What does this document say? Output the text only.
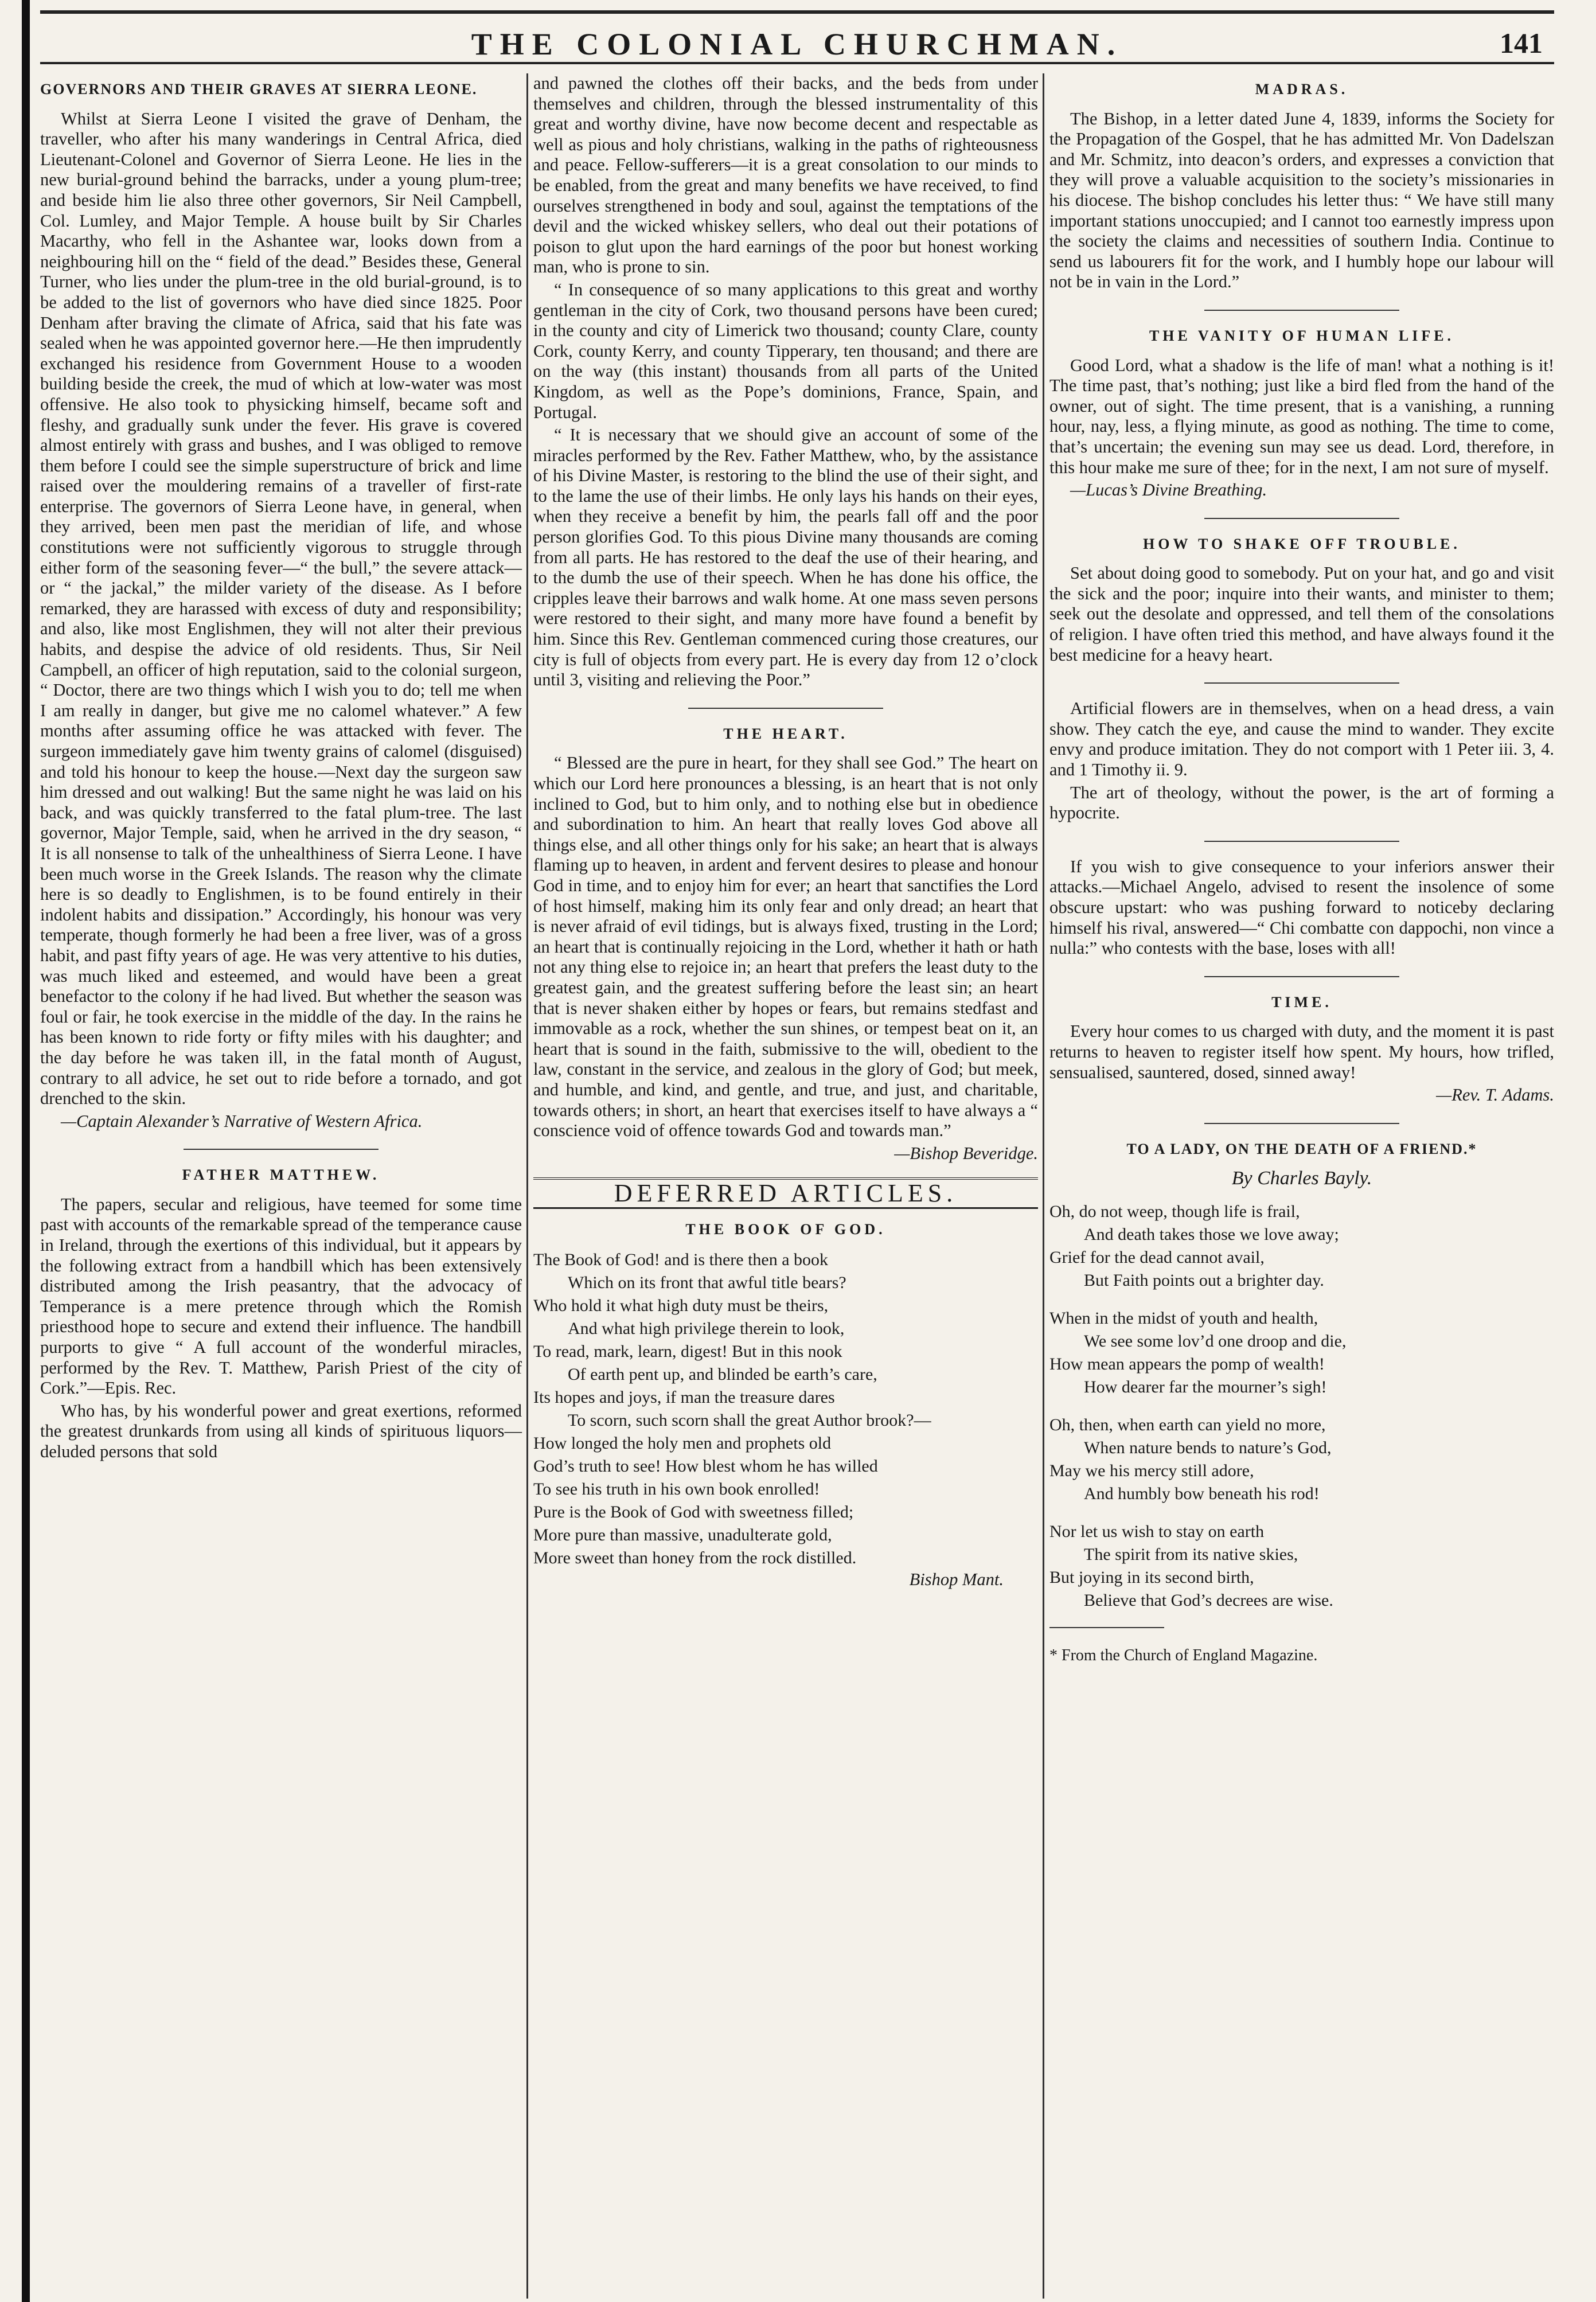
THE COLONIAL CHURCHMAN.	141
GOVERNORS AND THEIR GRAVES AT SIERRA LEONE.

Whilst at Sierra Leone I visited the grave of Denham, the traveller, who after his many wanderings in Central Africa, died Lieutenant-Colonel and Governor of Sierra Leone. He lies in the new burial-ground behind the barracks, under a young plum-tree; and beside him lie also three other governors, Sir Neil Campbell, Col. Lumley, and Major Temple. A house built by Sir Charles Macarthy, who fell in the Ashantee war, looks down from a neighbouring hill on the “ field of the dead.” Besides these, General Turner, who lies under the plum-tree in the old burial-ground, is to be added to the list of governors who have died since 1825. Poor Denham after braving the climate of Africa, said that his fate was sealed when he was appointed governor here.—He then imprudently exchanged his residence from Government House to a wooden building beside the creek, the mud of which at low-water was most offensive. He also took to physicking himself, became soft and fleshy, and gradually sunk under the fever. His grave is covered almost entirely with grass and bushes, and I was obliged to remove them before I could see the simple superstructure of brick and lime raised over the mouldering remains of a traveller of first-rate enterprise. The governors of Sierra Leone have, in general, when they arrived, been men past the meridian of life, and whose constitutions were not sufficiently vigorous to struggle through either form of the seasoning fever—“ the bull,” the severe attack—or “ the jackal,” the milder variety of the disease. As I before remarked, they are harassed with excess of duty and responsibility; and also, like most Englishmen, they will not alter their previous habits, and despise the advice of old residents. Thus, Sir Neil Campbell, an officer of high reputation, said to the colonial surgeon, “ Doctor, there are two things which I wish you to do; tell me when I am really in danger, but give me no calomel whatever.” A few months after assuming office he was attacked with fever. The surgeon immediately gave him twenty grains of calomel (disguised) and told his honour to keep the house.—Next day the surgeon saw him dressed and out walking! But the same night he was laid on his back, and was quickly transferred to the fatal plum-tree. The last governor, Major Temple, said, when he arrived in the dry season, “ It is all nonsense to talk of the unhealthiness of Sierra Leone. I have been much worse in the Greek Islands. The reason why the climate here is so deadly to Englishmen, is to be found entirely in their indolent habits and dissipation.” Accordingly, his honour was very temperate, though formerly he had been a free liver, was of a gross habit, and past fifty years of age. He was very attentive to his duties, was much liked and esteemed, and would have been a great benefactor to the colony if he had lived. But whether the season was foul or fair, he took exercise in the middle of the day. In the rains he has been known to ride forty or fifty miles with his daughter; and the day before he was taken ill, in the fatal month of August, contrary to all advice, he set out to ride before a tornado, and got drenched to the skin.

—Captain Alexander’s Narrative of Western Africa.

FATHER MATTHEW.

The papers, secular and religious, have teemed for some time past with accounts of the remarkable spread of the temperance cause in Ireland, through the exertions of this individual, but it appears by the following extract from a handbill which has been extensively distributed among the Irish peasantry, that the advocacy of Temperance is a mere pretence through which the Romish priesthood hope to secure and extend their influence. The handbill purports to give “ A full account of the wonderful miracles, performed by the Rev. T. Matthew, Parish Priest of the city of Cork.”—Epis. Rec.

Who has, by his wonderful power and great exertions, reformed the greatest drunkards from using all kinds of spirituous liquors—deluded persons that sold

and pawned the clothes off their backs, and the beds from under themselves and children, through the blessed instrumentality of this great and worthy divine, have now become decent and respectable as well as pious and holy christians, walking in the paths of righteousness and peace. Fellow-sufferers—it is a great consolation to our minds to be enabled, from the great and many benefits we have received, to find ourselves strengthened in body and soul, against the temptations of the devil and the wicked whiskey sellers, who deal out their potations of poison to glut upon the hard earnings of the poor but honest working man, who is prone to sin.

“ In consequence of so many applications to this great and worthy gentleman in the city of Cork, two thousand persons have been cured; in the county and city of Limerick two thousand; county Clare, county Cork, county Kerry, and county Tipperary, ten thousand; and there are on the way (this instant) thousands from all parts of the United Kingdom, as well as the Pope’s dominions, France, Spain, and Portugal.

“ It is necessary that we should give an account of some of the miracles performed by the Rev. Father Matthew, who, by the assistance of his Divine Master, is restoring to the blind the use of their sight, and to the lame the use of their limbs. He only lays his hands on their eyes, when they receive a benefit by him, the pearls fall off and the poor person glorifies God. To this pious Divine many thousands are coming from all parts. He has restored to the deaf the use of their hearing, and to the dumb the use of their speech. When he has done his office, the cripples leave their barrows and walk home. At one mass seven persons were restored to their sight, and many more have found a benefit by him. Since this Rev. Gentleman commenced curing those creatures, our city is full of objects from every part. He is every day from 12 o’clock until 3, visiting and relieving the Poor.”

THE HEART.

“ Blessed are the pure in heart, for they shall see God.” The heart on which our Lord here pronounces a blessing, is an heart that is not only inclined to God, but to him only, and to nothing else but in obedience and subordination to him. An heart that really loves God above all things else, and all other things only for his sake; an heart that is always flaming up to heaven, in ardent and fervent desires to please and honour God in time, and to enjoy him for ever; an heart that sanctifies the Lord of host himself, making him its only fear and only dread; an heart that is never afraid of evil tidings, but is always fixed, trusting in the Lord; an heart that is continually rejoicing in the Lord, whether it hath or hath not any thing else to rejoice in; an heart that prefers the least duty to the greatest gain, and the greatest suffering before the least sin; an heart that is never shaken either by hopes or fears, but remains stedfast and immovable as a rock, whether the sun shines, or tempest beat on it, an heart that is sound in the faith, submissive to the will, obedient to the law, constant in the service, and zealous in the glory of God; but meek, and humble, and kind, and gentle, and true, and just, and charitable, towards others; in short, an heart that exercises itself to have always a “ conscience void of offence towards God and towards man.”

—Bishop Beveridge.

DEFERRED ARTICLES.
THE BOOK OF GOD.
The Book of God! and is there then a book
Which on its front that awful title bears?
Who hold it what high duty must be theirs,
And what high privilege therein to look,
To read, mark, learn, digest! But in this nook
Of earth pent up, and blinded be earth’s care,
Its hopes and joys, if man the treasure dares
To scorn, such scorn shall the great Author brook?—
How longed the holy men and prophets old
God’s truth to see! How blest whom he has willed
To see his truth in his own book enrolled!
Pure is the Book of God with sweetness filled;
More pure than massive, unadulterate gold,
More sweet than honey from the rock distilled.
Bishop Mant.
MADRAS.

The Bishop, in a letter dated June 4, 1839, informs the Society for the Propagation of the Gospel, that he has admitted Mr. Von Dadelszan and Mr. Schmitz, into deacon’s orders, and expresses a conviction that they will prove a valuable acquisition to the society’s missionaries in his diocese. The bishop concludes his letter thus: “ We have still many important stations unoccupied; and I cannot too earnestly impress upon the society the claims and necessities of southern India. Continue to send us labourers fit for the work, and I humbly hope our labour will not be in vain in the Lord.”

THE VANITY OF HUMAN LIFE.

Good Lord, what a shadow is the life of man! what a nothing is it! The time past, that’s nothing; just like a bird fled from the hand of the owner, out of sight. The time present, that is a vanishing, a running hour, nay, less, a flying minute, as good as nothing. The time to come, that’s uncertain; the evening sun may see us dead. Lord, therefore, in this hour make me sure of thee; for in the next, I am not sure of myself.

—Lucas’s Divine Breathing.

HOW TO SHAKE OFF TROUBLE.

Set about doing good to somebody. Put on your hat, and go and visit the sick and the poor; inquire into their wants, and minister to them; seek out the desolate and oppressed, and tell them of the consolations of religion. I have often tried this method, and have always found it the best medicine for a heavy heart.

Artificial flowers are in themselves, when on a head dress, a vain show. They catch the eye, and cause the mind to wander. They excite envy and produce imitation. They do not comport with 1 Peter iii. 3, 4. and 1 Timothy ii. 9.

The art of theology, without the power, is the art of forming a hypocrite.

If you wish to give consequence to your inferiors answer their attacks.—Michael Angelo, advised to resent the insolence of some obscure upstart: who was pushing forward to noticeby declaring himself his rival, answered—“ Chi combatte con dappochi, non vince a nulla:” who contests with the base, loses with all!

TIME.

Every hour comes to us charged with duty, and the moment it is past returns to heaven to register itself how spent. My hours, how trifled, sensualised, sauntered, dosed, sinned away!

—Rev. T. Adams.

TO A LADY, ON THE DEATH OF A FRIEND.*
By Charles Bayly.
Oh, do not weep, though life is frail,
And death takes those we love away;
Grief for the dead cannot avail,
But Faith points out a brighter day.
When in the midst of youth and health,
We see some lov’d one droop and die,
How mean appears the pomp of wealth!
How dearer far the mourner’s sigh!
Oh, then, when earth can yield no more,
When nature bends to nature’s God,
May we his mercy still adore,
And humbly bow beneath his rod!
Nor let us wish to stay on earth
The spirit from its native skies,
But joying in its second birth,
Believe that God’s decrees are wise.
* From the Church of England Magazine.
